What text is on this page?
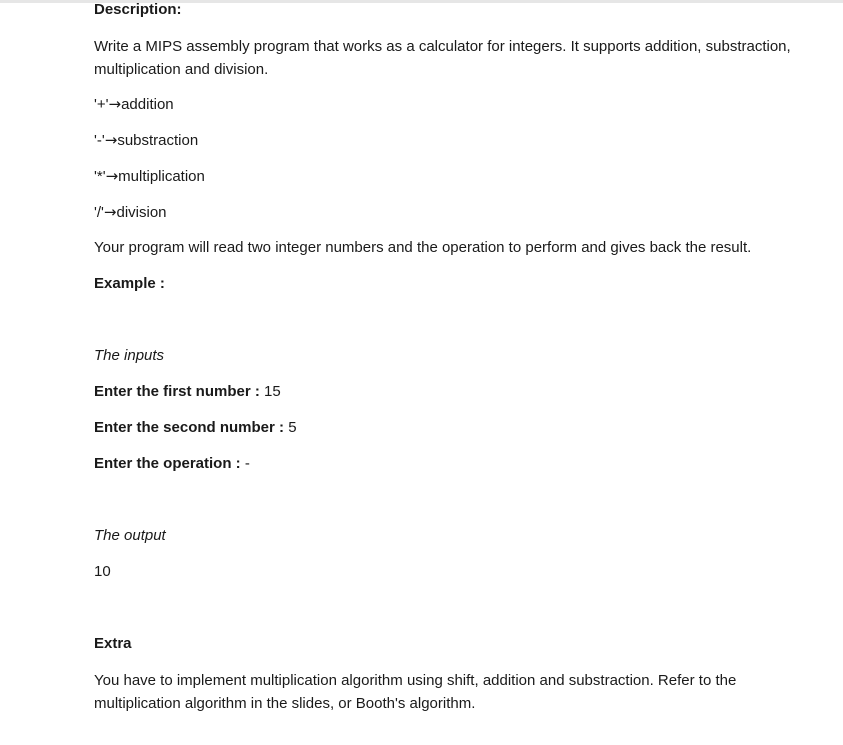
Description:
Write a MIPS assembly program that works as a calculator for integers. It supports addition, substraction, multiplication and division.
'+'→addition
'-'→substraction
'*'→multiplication
'/'→division
Your program will read two integer numbers and the operation to perform and gives back the result.
Example :
The inputs
Enter the first number : 15
Enter the second number : 5
Enter the operation : -
The output
10
Extra
You have to implement multiplication algorithm using shift, addition and substraction. Refer to the multiplication algorithm in the slides, or Booth's algorithm.
